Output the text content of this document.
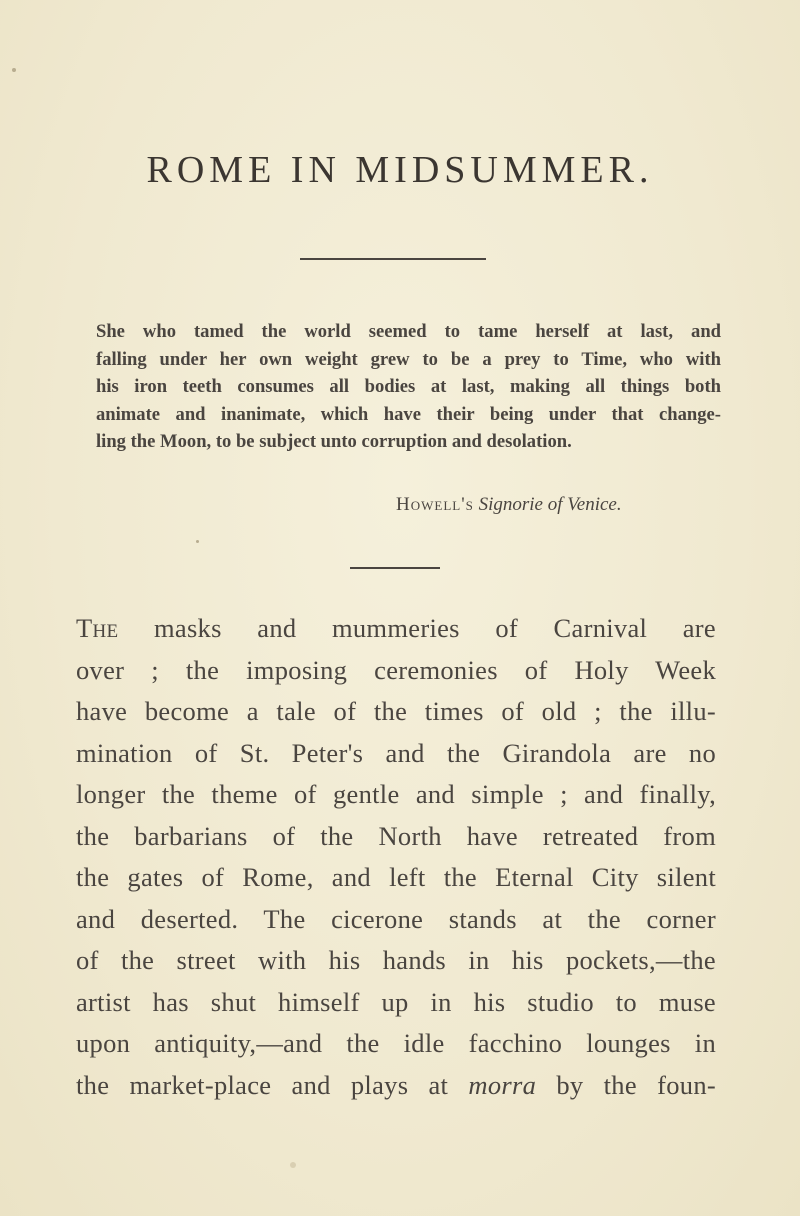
ROME IN MIDSUMMER.
She who tamed the world seemed to tame herself at last, and
falling under her own weight grew to be a prey to Time, who with
his iron teeth consumes all bodies at last, making all things both
animate and inanimate, which have their being under that change-
ling the Moon, to be subject unto corruption and desolation.
Howell's Signorie of Venice.
The masks and mummeries of Carnival are
over ; the imposing ceremonies of Holy Week
have become a tale of the times of old ; the illu-
mination of St. Peter's and the Girandola are no
longer the theme of gentle and simple ; and finally,
the barbarians of the North have retreated from
the gates of Rome, and left the Eternal City silent
and deserted. The cicerone stands at the corner
of the street with his hands in his pockets,—the
artist has shut himself up in his studio to muse
upon antiquity,—and the idle facchino lounges in
the market-place and plays at morra by the foun-
